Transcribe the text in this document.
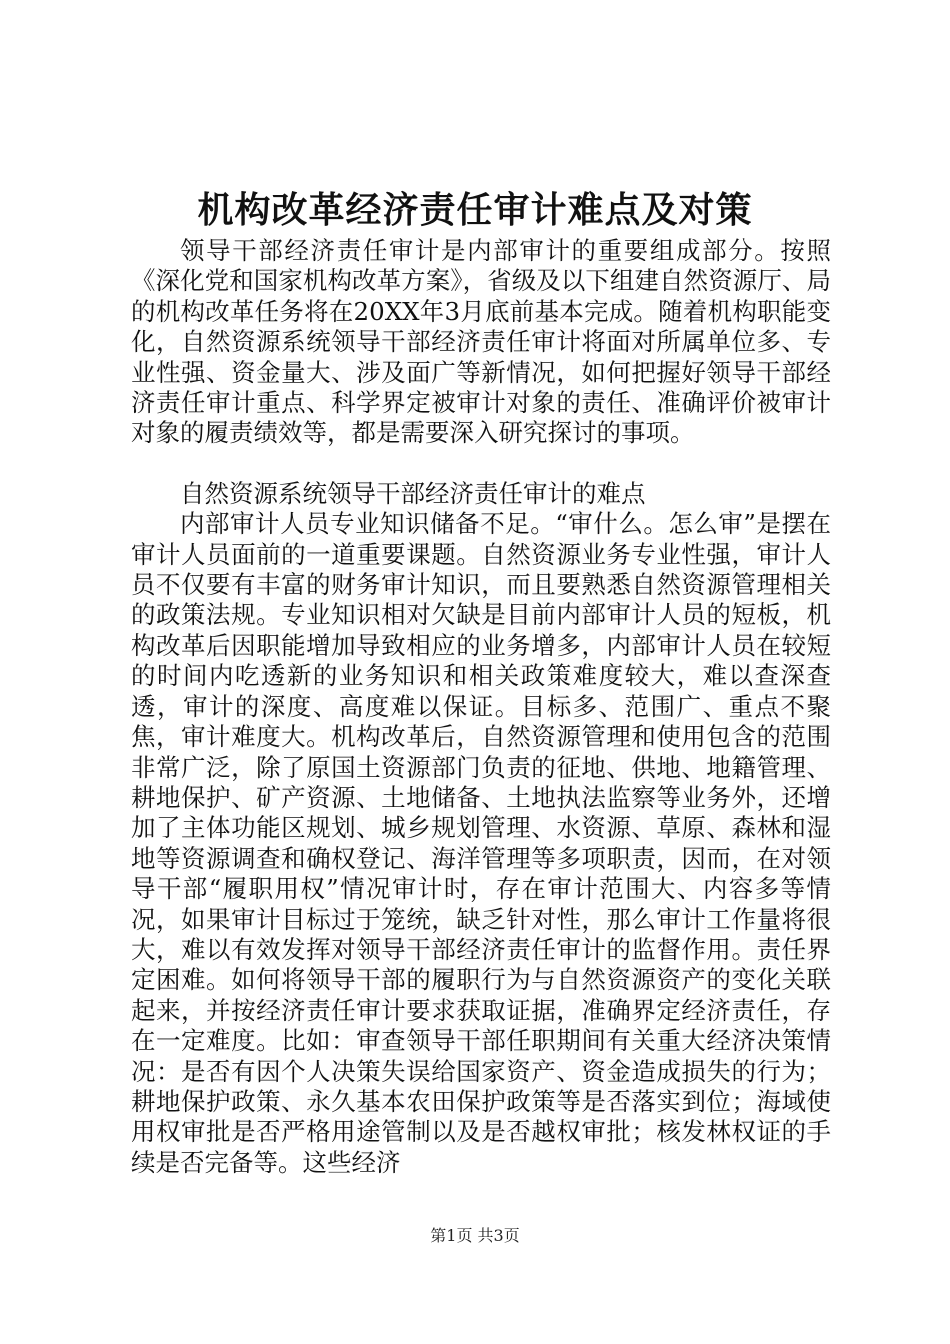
机构改革经济责任审计难点及对策

领导干部经济责任审计是内部审计的重要组成部分。按照《深化党和国家机构改革方案》，省级及以下组建自然资源厅、局的机构改革任务将在20XX年3月底前基本完成。随着机构职能变化，自然资源系统领导干部经济责任审计将面对所属单位多、专业性强、资金量大、涉及面广等新情况，如何把握好领导干部经济责任审计重点、科学界定被审计对象的责任、准确评价被审计对象的履责绩效等，都是需要深入研究探讨的事项。

自然资源系统领导干部经济责任审计的难点

内部审计人员专业知识储备不足。“审什么。怎么审”是摆在审计人员面前的一道重要课题。自然资源业务专业性强，审计人员不仅要有丰富的财务审计知识，而且要熟悉自然资源管理相关的政策法规。专业知识相对欠缺是目前内部审计人员的短板，机构改革后因职能增加导致相应的业务增多，内部审计人员在较短的时间内吃透新的业务知识和相关政策难度较大，难以查深查透，审计的深度、高度难以保证。目标多、范围广、重点不聚焦，审计难度大。机构改革后，自然资源管理和使用包含的范围非常广泛，除了原国土资源部门负责的征地、供地、地籍管理、耕地保护、矿产资源、土地储备、土地执法监察等业务外，还增加了主体功能区规划、城乡规划管理、水资源、草原、森林和湿地等资源调查和确权登记、海洋管理等多项职责，因而，在对领导干部“履职用权”情况审计时，存在审计范围大、内容多等情况，如果审计目标过于笼统，缺乏针对性，那么审计工作量将很大，难以有效发挥对领导干部经济责任审计的监督作用。责任界定困难。如何将领导干部的履职行为与自然资源资产的变化关联起来，并按经济责任审计要求获取证据，准确界定经济责任，存在一定难度。比如：审查领导干部任职期间有关重大经济决策情况：是否有因个人决策失误给国家资产、资金造成损失的行为；耕地保护政策、永久基本农田保护政策等是否落实到位；海域使用权审批是否严格用途管制以及是否越权审批；核发林权证的手续是否完备等。这些经济

第1页 共3页
